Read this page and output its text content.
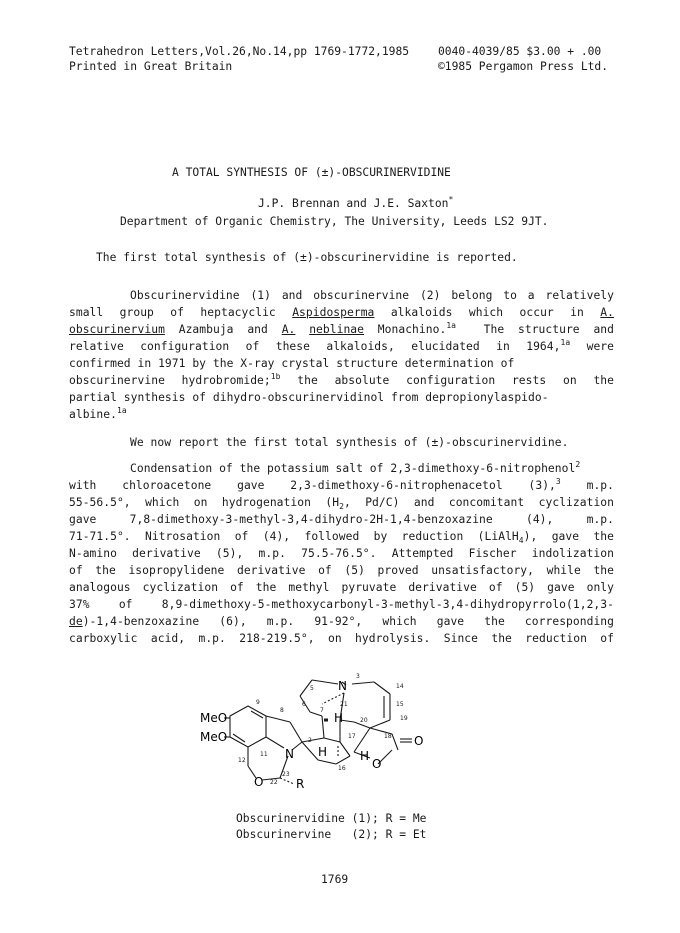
Tetrahedron Letters,Vol.26,No.14,pp 1769-1772,1985
Printed in Great Britain
0040-4039/85 $3.00 + .00
©1985 Pergamon Press Ltd.
A TOTAL SYNTHESIS OF (±)-OBSCURINERVIDINE
J.P. Brennan and J.E. Saxton*
Department of Organic Chemistry, The University, Leeds LS2 9JT.
The first total synthesis of (±)-obscurinervidine is reported.
Obscurinervidine (1) and obscurinervine (2) belong to a relatively
small group of heptacyclic Aspidosperma alkaloids which occur in A.
obscurinervium Azambuja and A. neblinae Monachino.$^{1a}$ The structure and
relative configuration of these alkaloids, elucidated in 1964,$^{1a}$ were
confirmed in 1971 by the X-ray crystal structure determination of
obscurinervine hydrobromide;$^{1b}$ the absolute configuration rests on the
partial synthesis of dihydro-obscurinervidinol from depropionylaspido-
albine.$^{1a}$
We now report the first total synthesis of (±)-obscurinervidine.
Condensation of the potassium salt of 2,3-dimethoxy-6-nitrophenol$^2$
with chloroacetone gave 2,3-dimethoxy-6-nitrophenacetol (3),$^3$ m.p.
55-56.5°, which on hydrogenation ($H_2$, Pd/C) and concomitant cyclization
gave 7,8-dimethoxy-3-methyl-3,4-dihydro-2H-1,4-benzoxazine (4), m.p.
71-71.5°. Nitrosation of (4), followed by reduction (LiAlH$_4$), gave the
N-amino derivative (5), m.p. 75.5-76.5°. Attempted Fischer indolization
of the isopropylidene derivative of (5) proved unsatisfactory, while the
analogous cyclization of the methyl pyruvate derivative of (5) gave only
37% of 8,9-dimethoxy-5-methoxycarbonyl-3-methyl-3,4-dihydropyrrolo(1,2,3-
de)-1,4-benzoxazine (6), m.p. 91-92°, which gave the corresponding
carboxylic acid, m.p. 218-219.5°, on hydrolysis. Since the reduction of
MeO
MeO
N
N
O
O
O
H
H	H
R
3
5
6
7
8
9
11
12
14
15
16
17	18
19
20
21
2
22
23
Obscurinervidine (1); R = Me
Obscurinervine   (2); R = Et
1769
